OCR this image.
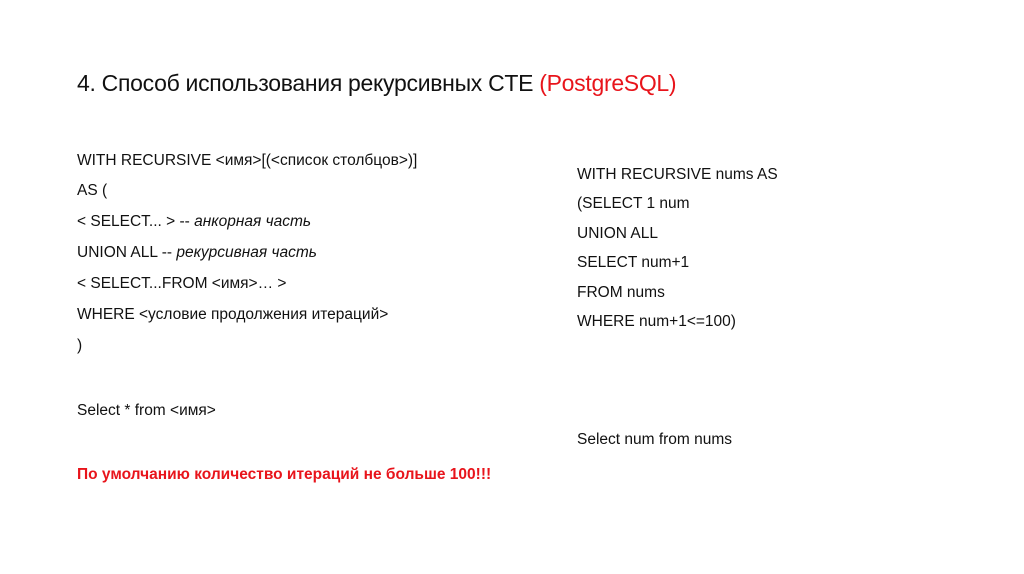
4. Способ использования рекурсивных CTE (PostgreSQL)
WITH RECURSIVE <имя>[(<список столбцов>)]
AS (
< SELECT... > -- анкорная часть
UNION ALL -- рекурсивная часть
< SELECT...FROM <имя>… >
WHERE <условие продолжения итераций>
)
Select * from <имя>
WITH RECURSIVE nums AS
(SELECT 1 num
UNION ALL
SELECT num+1
FROM nums
WHERE num+1<=100)
Select num from nums
По умолчанию количество итераций не больше 100!!!
